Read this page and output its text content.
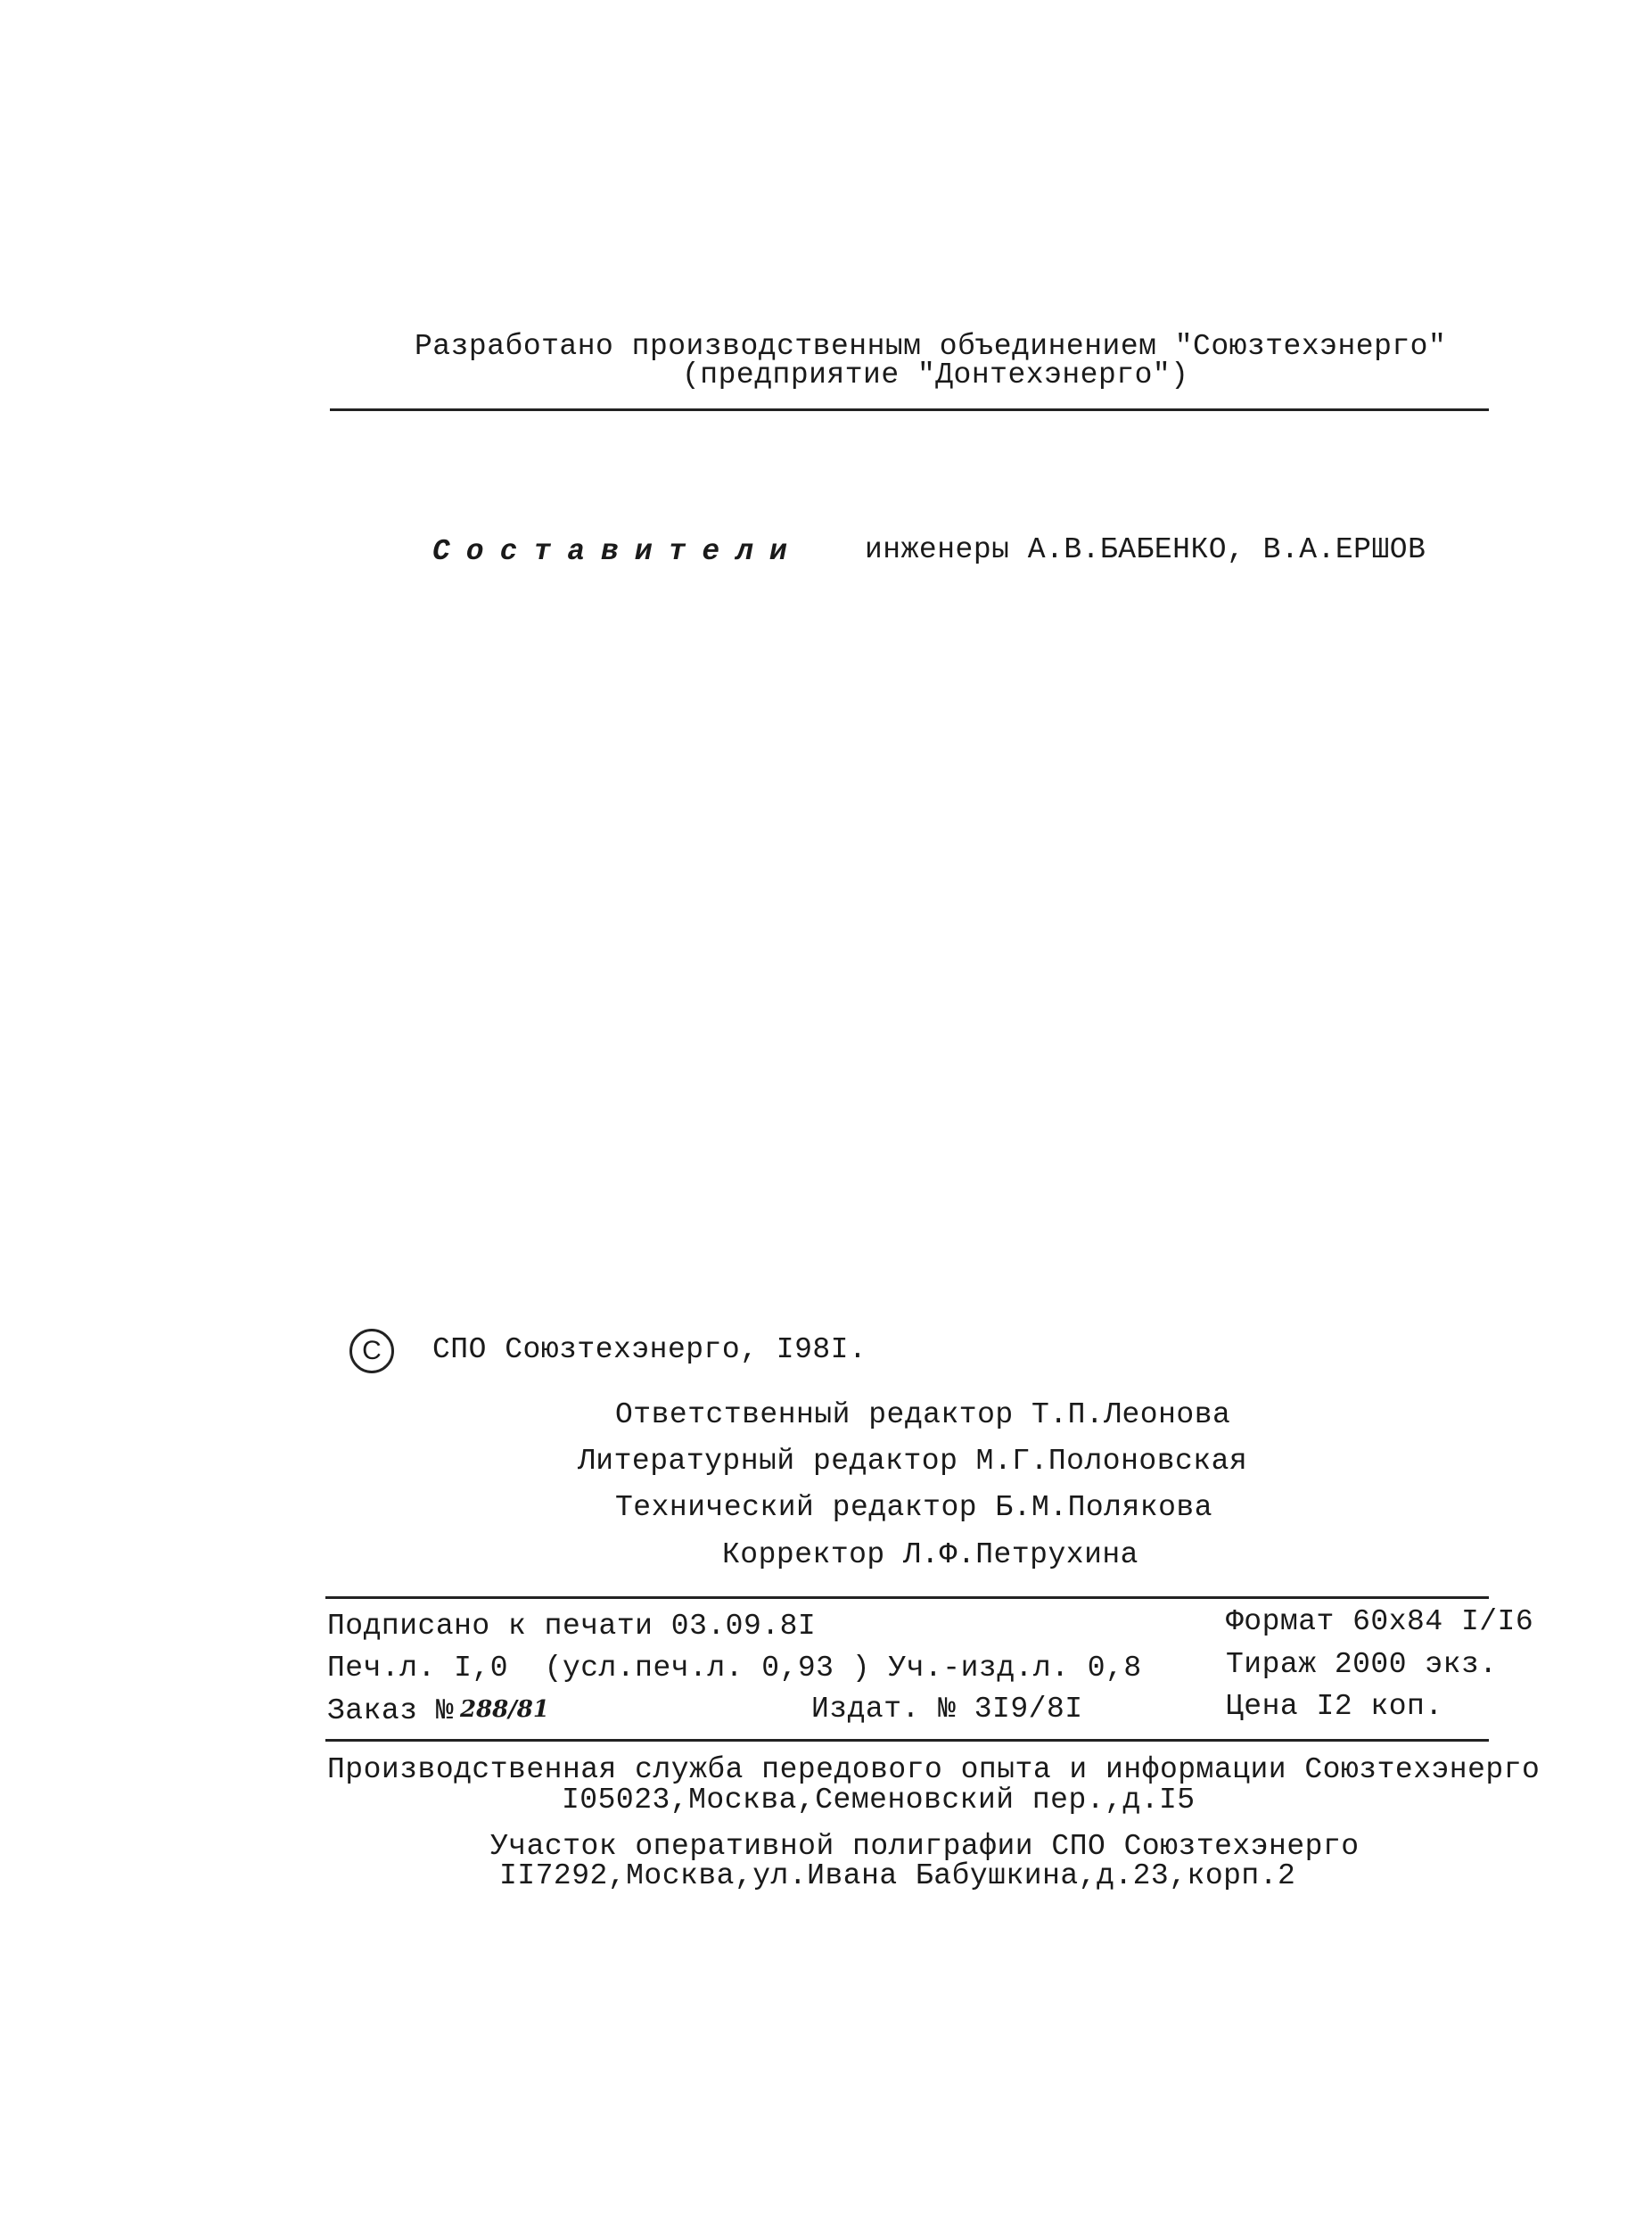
Разработано производственным объединением "Союзтехэнерго"
(предприятие "Донтехэнерго")
Составители инженеры А.В.БАБЕНКО, В.А.ЕРШОВ
C	СПО Союзтехэнерго, I98I.
Ответственный редактор Т.П.Леонова
Литературный редактор М.Г.Полоновская
Технический редактор Б.М.Полякова
Корректор Л.Ф.Петрухина
Подписано к печати 03.09.8I	Формат 60х84 I/I6
Печ.л. I,0  (усл.печ.л. 0,93 ) Уч.-изд.л. 0,8	Тираж 2000 экз.
Заказ № 288/81	Издат. № 3I9/8I	Цена I2 коп.
Производственная служба передового опыта и информации Союзтехэнерго
I05023,Москва,Семеновский пер.,д.I5
Участок оперативной полиграфии СПО Союзтехэнерго
II7292,Москва,ул.Ивана Бабушкина,д.23,корп.2
